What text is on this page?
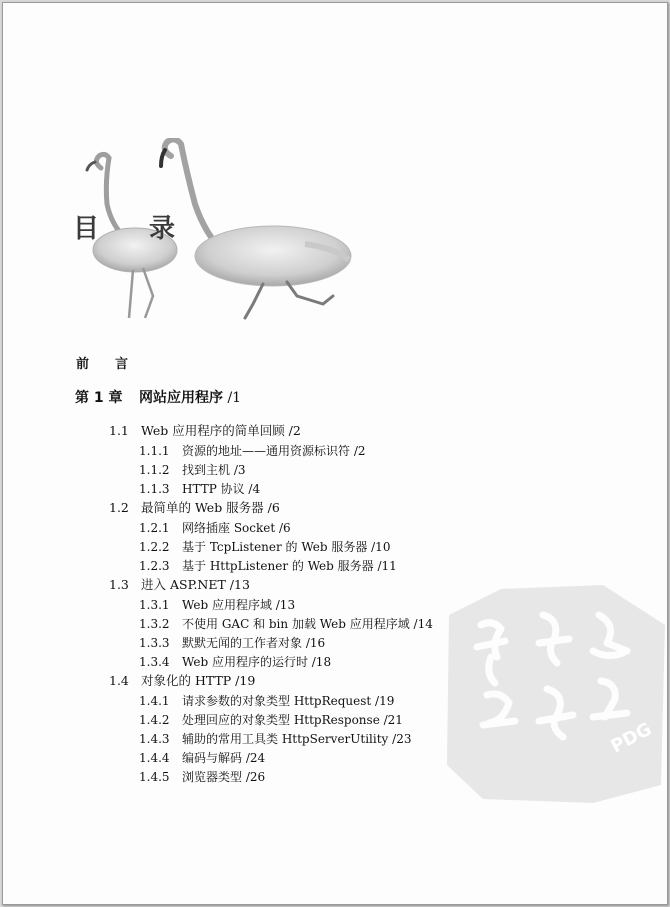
目 录
前 言
第 1 章 网站应用程序 /1
1.1 Web 应用程序的简单回顾 /2
1.1.1 资源的地址——通用资源标识符 /2
1.1.2 找到主机 /3
1.1.3 HTTP 协议 /4
1.2 最简单的 Web 服务器 /6
1.2.1 网络插座 Socket /6
1.2.2 基于 TcpListener 的 Web 服务器 /10
1.2.3 基于 HttpListener 的 Web 服务器 /11
1.3 进入 ASP.NET /13
1.3.1 Web 应用程序域 /13
1.3.2 不使用 GAC 和 bin 加载 Web 应用程序域 /14
1.3.3 默默无闻的工作者对象 /16
1.3.4 Web 应用程序的运行时 /18
1.4 对象化的 HTTP /19
1.4.1 请求参数的对象类型 HttpRequest /19
1.4.2 处理回应的对象类型 HttpResponse /21
1.4.3 辅助的常用工具类 HttpServerUtility /23
1.4.4 编码与解码 /24
1.4.5 浏览器类型 /26
PDG
